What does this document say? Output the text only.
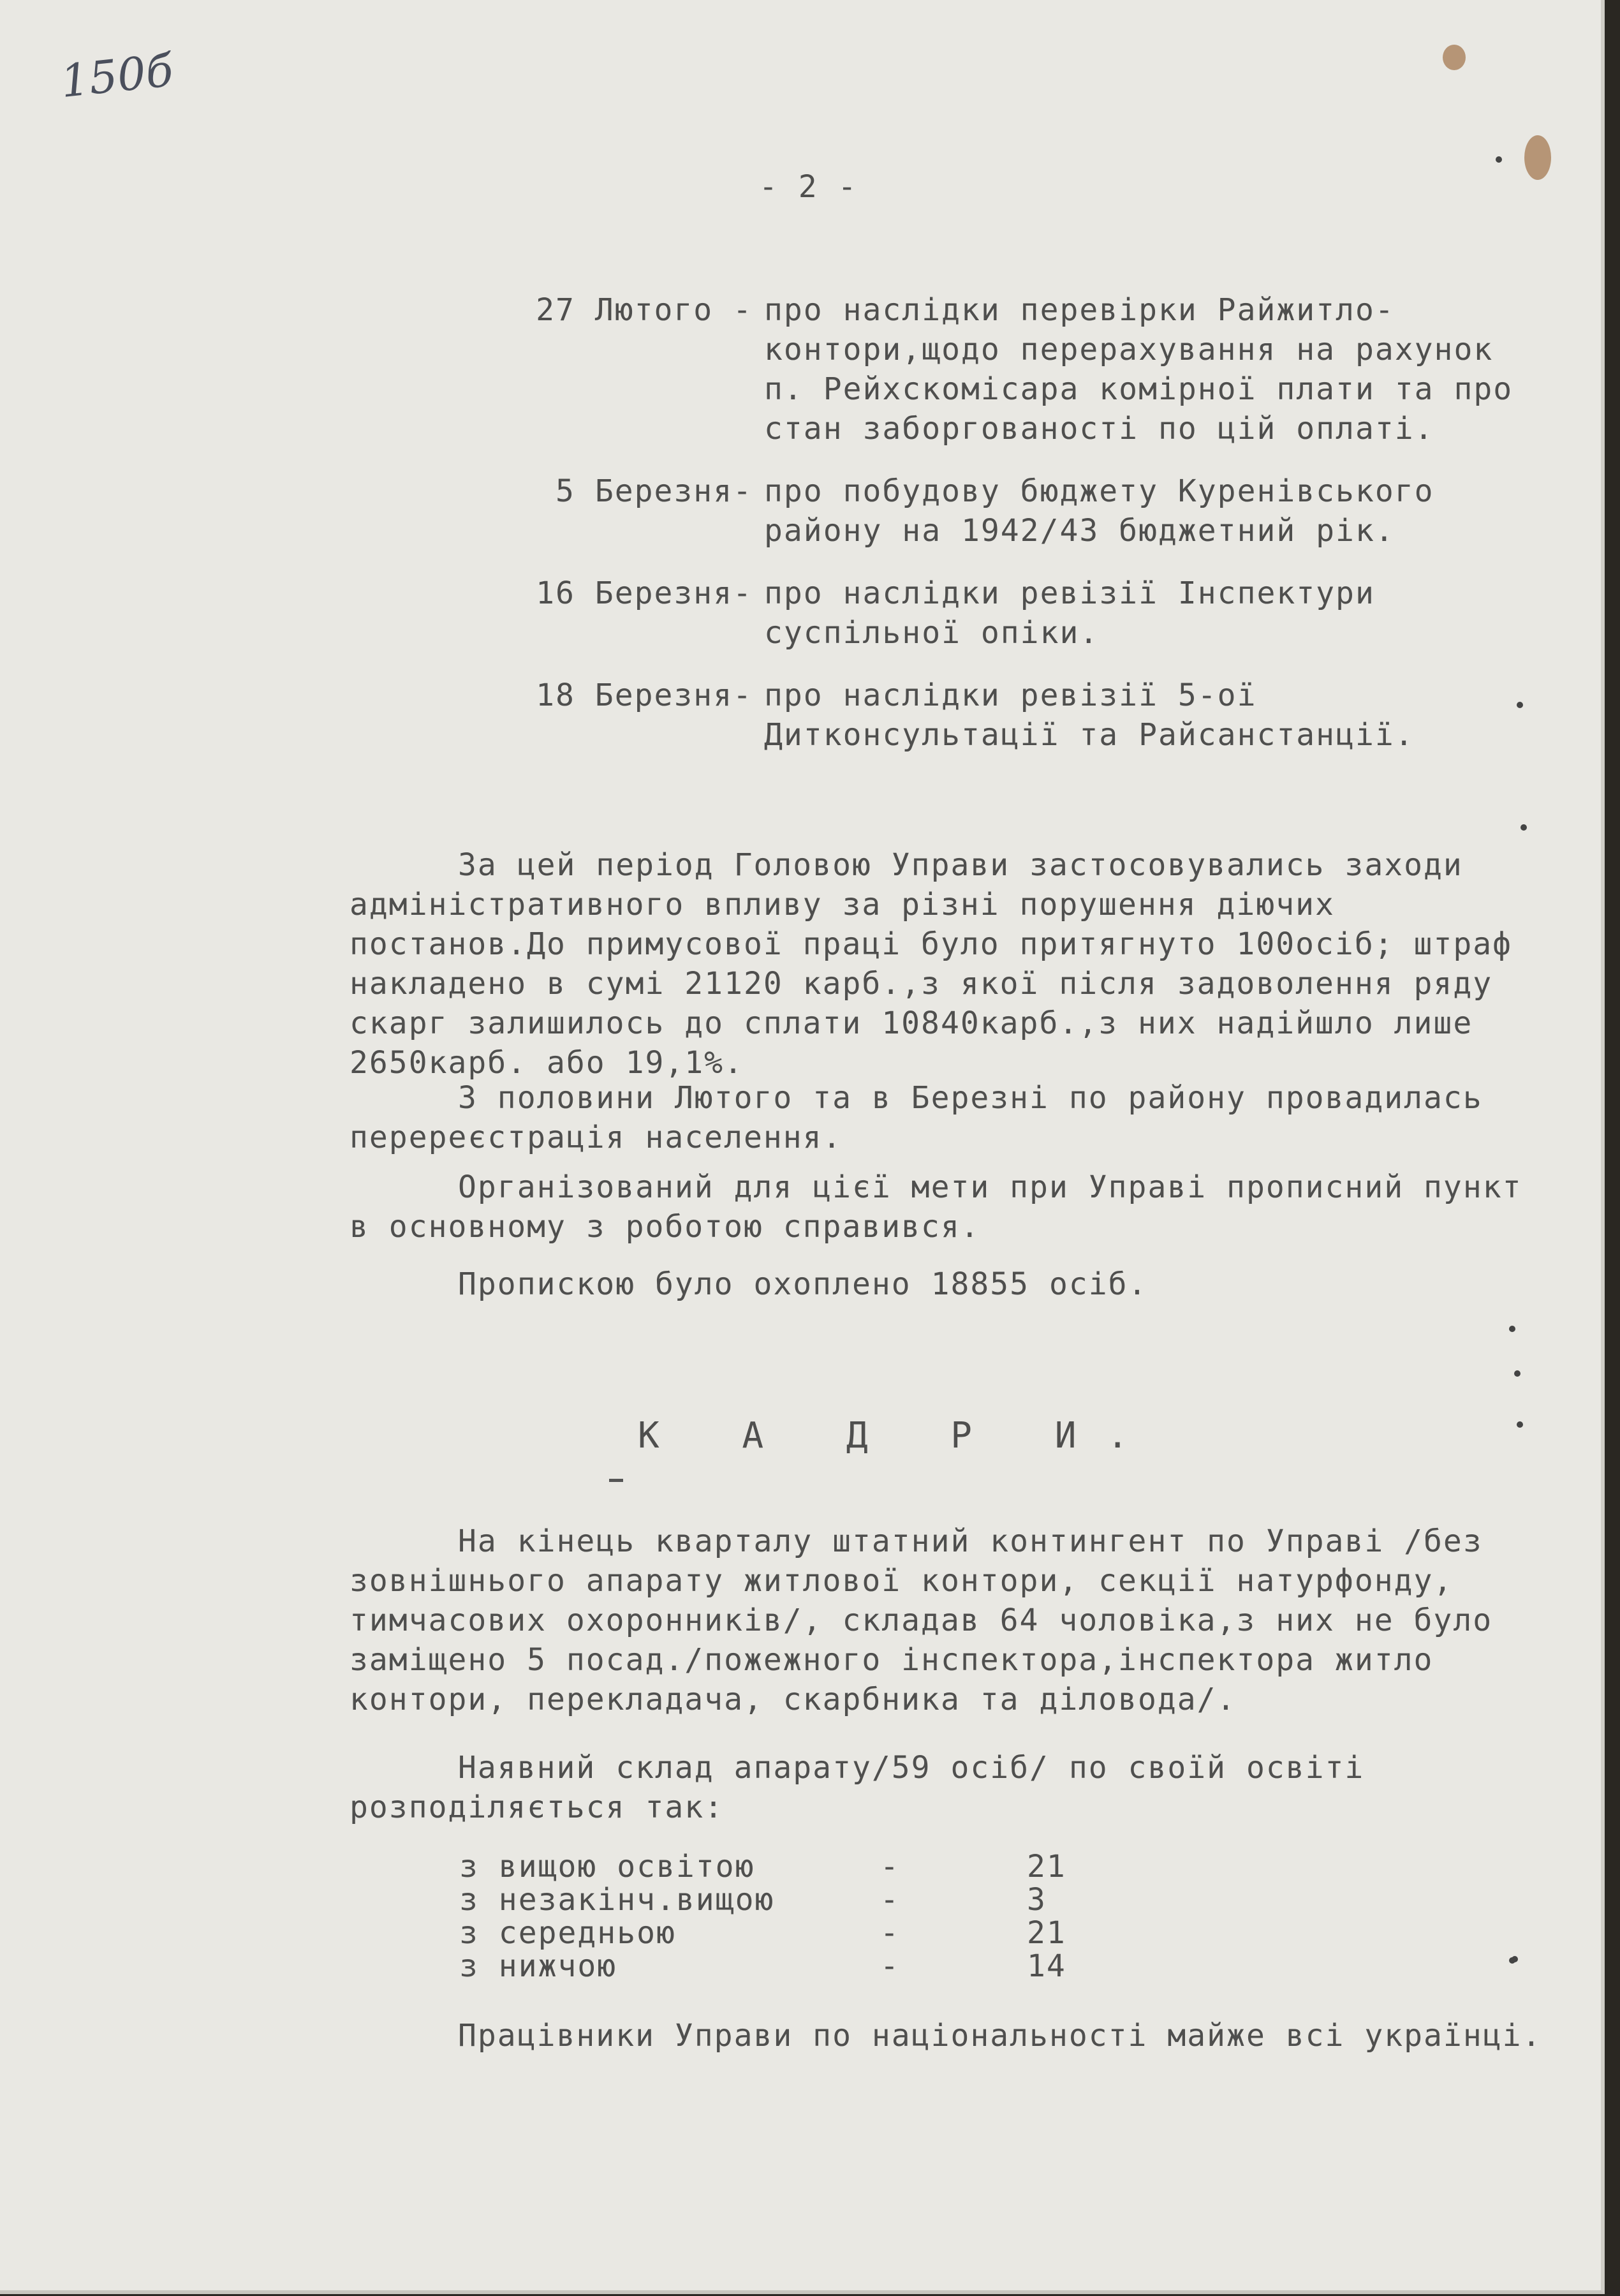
150б
- 2 -
27 Лютого - про наслідки перевірки Райжитло-контори,щодо перерахування на рахунок п. Рейхскомісара комірної плати та про стан заборгованості по цій оплаті.
5 Березня- про побудову бюджету Куренівського району на 1942/43 бюджетний рік.
16 Березня- про наслідки ревізії Інспектури суспільної опіки.
18 Березня- про наслідки ревізії 5-ої Дитконсультації та Райсанстанції.
За цей період Головою Управи застосовувались заходи адміністративного впливу за різні порушення діючих постанов.До примусової праці було притягнуто 100осіб; штраф накладено в сумі 21120 карб.,з якої після задоволення ряду скарг залишилось до сплати 10840карб.,з них надійшло лише 2650карб. або 19,1%.
З половини Лютого та в Березні по району провадилась перереєстрація населення.
Організований для цієї мети при Управі прописний пункт в основному з роботою справився.
Пропискою було охоплено 18855 осіб.
К А Д Р И.
На кінець кварталу штатний контингент по Управі /без зовнішнього апарату житлової контори, секції натурфонду, тимчасових охоронників/, складав 64 чоловіка,з них не було заміщено 5 посад./пожежного інспектора,інспектора житло контори, перекладача, скарбника та діловода/.
Наявний склад апарату/59 осіб/ по своїй освіті розподіляється так:
з вищою освітою	-	21
з незакінч.вищою	-	3
з середньою	-	21
з нижчою	-	14
Працівники Управи по національності майже всі українці.
